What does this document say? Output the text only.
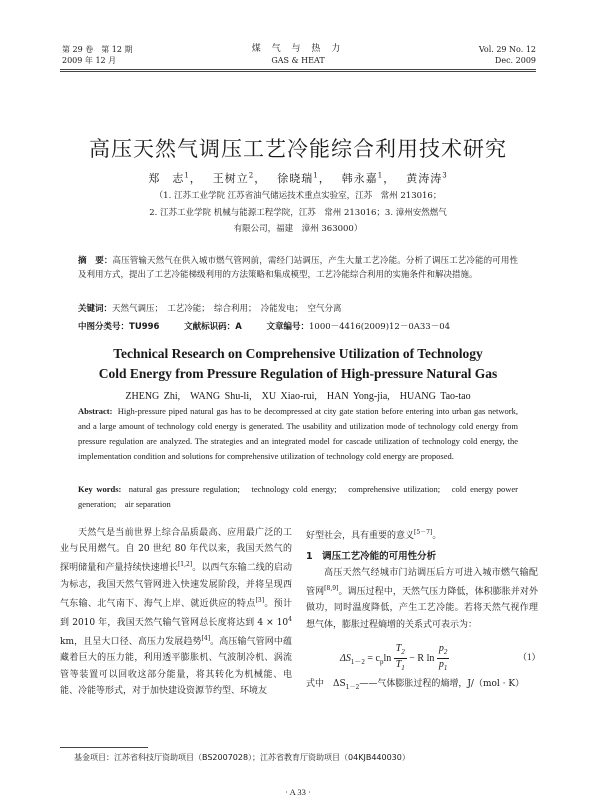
第 29 卷　第 12 期
2009 年 12 月
煤 气 与 热 力
GAS & HEAT
Vol. 29 No. 12
Dec. 2009
高压天然气调压工艺冷能综合利用技术研究
郑　志$^1$，　 王树立$^2$，　 徐晓瑞$^1$，　 韩永嘉$^1$，　 黄涛涛$^3$
（1. 江苏工业学院 江苏省油气储运技术重点实验室，江苏　常州 213016；
2. 江苏工业学院 机械与能源工程学院，江苏　常州 213016；3. 漳州安然燃气
有限公司，福建　漳州 363000）
摘　要：高压管输天然气在供入城市燃气管网前，需经门站调压，产生大量工艺冷能。分析了调压工艺冷能的可用性及利用方式，提出了工艺冷能梯级利用的方法策略和集成模型，工艺冷能综合利用的实施条件和解决措施。
关键词：天然气调压；　工艺冷能；　综合利用；　冷能发电；　空气分离
中图分类号：TU996	文献标识码：A	文章编号：1000－4416(2009)12－0A33－04
Technical Research on Comprehensive Utilization of Technology
Cold Energy from Pressure Regulation of High-pressure Natural Gas
ZHENG Zhi,　WANG Shu-li,　XU Xiao-rui,　HAN Yong-jia,　HUANG Tao-tao
Abstract: High-pressure piped natural gas has to be decompressed at city gate station before entering into urban gas network, and a large amount of technology cold energy is generated. The usability and utilization mode of technology cold energy from pressure regulation are analyzed. The strategies and an integrated model for cascade utilization of technology cold energy, the implementation condition and solutions for comprehensive utilization of technology cold energy are proposed.
Key words: natural gas pressure regulation;　technology cold energy;　comprehensive utilization;　cold energy power generation;　air separation
天然气是当前世界上综合品质最高、应用最广泛的工业与民用燃气。自 20 世纪 80 年代以来，我国天然气的探明储量和产量持续快速增长[1,2]。以西气东输二线的启动为标志，我国天然气管网进入快速发展阶段，并将呈现西气东输、北气南下、海气上岸、就近供应的特点[3]。预计到 2010 年，我国天然气输气管网总长度将达到 4 × 10$^4$ km，且呈大口径、高压力发展趋势[4]。高压输气管网中蕴藏着巨大的压力能，利用透平膨胀机、气波制冷机、涡流管等装置可以回收这部分能量，将其转化为机械能、电能、冷能等形式，对于加快建设资源节约型、环境友
好型社会，具有重要的意义[5－7]。
1　调压工艺冷能的可用性分析
高压天然气经城市门站调压后方可进入城市燃气输配管网[8,9]。调压过程中，天然气压力降低，体积膨胀并对外做功，同时温度降低，产生工艺冷能。若将天然气视作理想气体，膨胀过程熵增的关系式可表示为：
$\Delta S_{1-2} = c_p\ln \frac{T_2}{T_1} - R$ $\ln \frac{p_2}{p_1}$	（1）
式中　$\Delta S_{1-2}——$气体膨胀过程的熵增，J/（mol · K）
基金项目：江苏省科技厅资助项目（BS2007028）；江苏省教育厅资助项目（04KJB440030）
· A 33 ·
